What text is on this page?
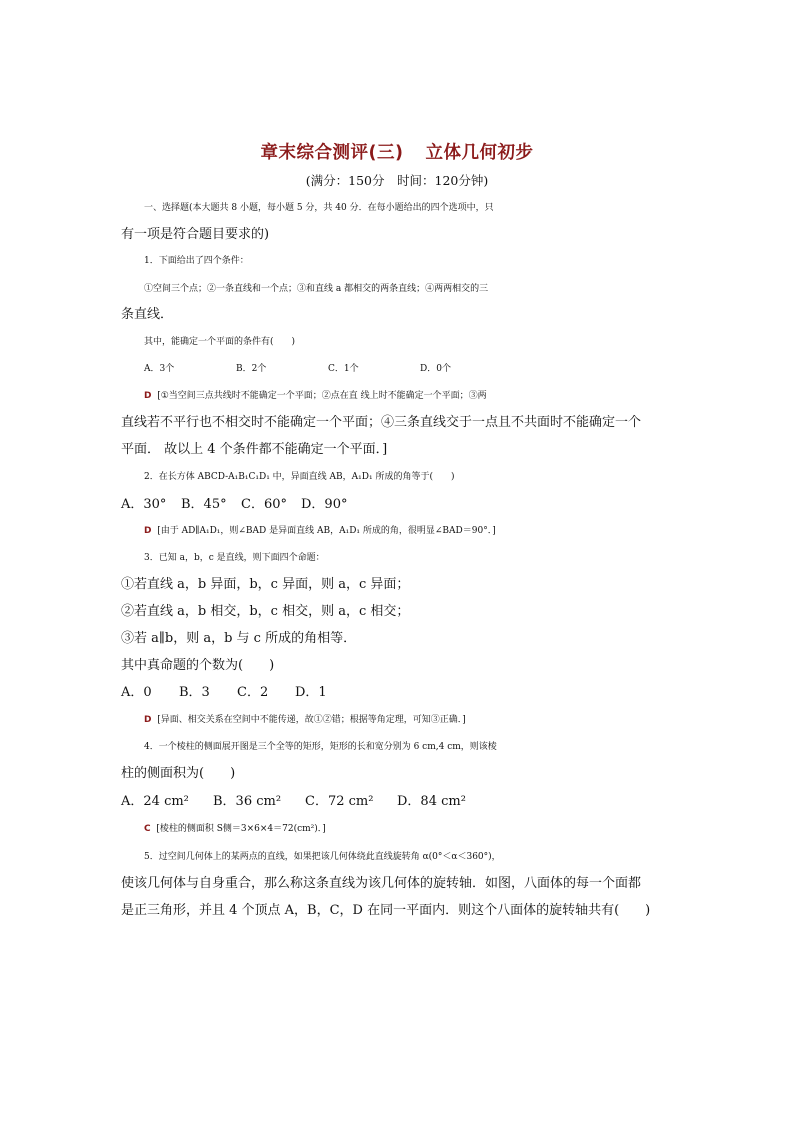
章末综合测评(三) 立体几何初步
(满分：150分　时间：120分钟)
一、选择题(本大题共 8 小题，每小题 5 分，共 40 分．在每小题给出的四个选项中，只
有一项是符合题目要求的)
1．下面给出了四个条件：
①空间三个点；②一条直线和一个点；③和直线 a 都相交的两条直线；④两两相交的三
条直线．
其中，能确定一个平面的条件有(　　)
A．3个	B．2个	C．1个	D．0个
D [①当空间三点共线时不能确定一个平面；②点在直 线上时不能确定一个平面；③两
直线若不平行也不相交时不能确定一个平面；④三条直线交于一点且不共面时不能确定一个
平面． 故以上 4 个条件都不能确定一个平面．]
2．在长方体 ABCD-A₁B₁C₁D₁ 中，异面直线 AB，A₁D₁ 所成的角等于(　　)
A．30° B．45° C．60° D．90°
D [由于 AD∥A₁D₁，则∠BAD 是异面直线 AB，A₁D₁ 所成的角，很明显∠BAD＝90°．]
3．已知 a，b，c 是直线，则下面四个命题：
①若直线 a，b 异面，b，c 异面，则 a，c 异面；
②若直线 a，b 相交，b，c 相交，则 a，c 相交；
③若 a∥b，则 a，b 与 c 所成的角相等．
其中真命题的个数为(　　)
A．0 B．3 C．2 D．1
D [异面、相交关系在空间中不能传递，故①②错；根据等角定理，可知③正确．]
4．一个棱柱的侧面展开图是三个全等的矩形，矩形的长和宽分别为 6 cm,4 cm，则该棱
柱的侧面积为(　　)
A．24 cm² B．36 cm² C．72 cm² D．84 cm²
C [棱柱的侧面积 S侧＝3×6×4＝72(cm²)．]
5．过空间几何体上的某两点的直线，如果把该几何体绕此直线旋转角 α(0°＜α＜360°)，
使该几何体与自身重合，那么称这条直线为该几何体的旋转轴．如图，八面体的每一个面都
是正三角形，并且 4 个顶点 A，B，C，D 在同一平面内．则这个八面体的旋转轴共有(　　)
